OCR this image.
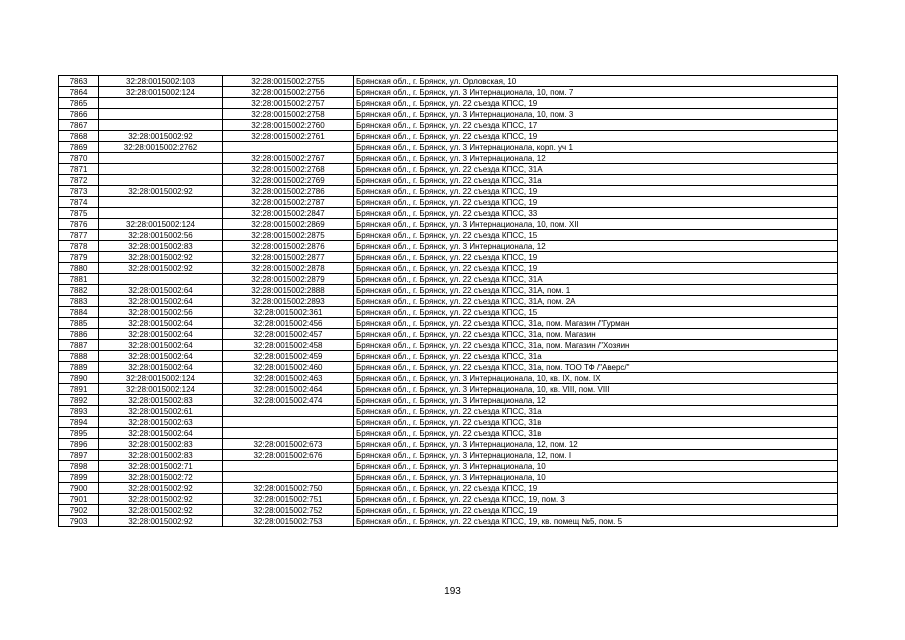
7863	32:28:0015002:103	32:28:0015002:2755	Брянская обл., г. Брянск, ул. Орловская, 10
7864	32:28:0015002:124	32:28:0015002:2756	Брянская обл., г. Брянск, ул. 3 Интернационала, 10, пом. 7
7865		32:28:0015002:2757	Брянская обл., г. Брянск, ул. 22 съезда КПСС, 19
7866		32:28:0015002:2758	Брянская обл., г. Брянск, ул. 3 Интернационала, 10, пом. 3
7867		32:28:0015002:2760	Брянская обл., г. Брянск, ул. 22 съезда КПСС, 17
7868	32:28:0015002:92	32:28:0015002:2761	Брянская обл., г. Брянск, ул. 22 съезда КПСС, 19
7869	32:28:0015002:2762		Брянская обл., г. Брянск, ул. 3 Интернационала, корп. уч 1
7870		32:28:0015002:2767	Брянская обл., г. Брянск, ул. 3 Интернационала, 12
7871		32:28:0015002:2768	Брянская обл., г. Брянск, ул. 22 съезда КПСС, 31А
7872		32:28:0015002:2769	Брянская обл., г. Брянск, ул. 22 съезда КПСС, 31а
7873	32:28:0015002:92	32:28:0015002:2786	Брянская обл., г. Брянск, ул. 22 съезда КПСС, 19
7874		32:28:0015002:2787	Брянская обл., г. Брянск, ул. 22 съезда КПСС, 19
7875		32:28:0015002:2847	Брянская обл., г. Брянск, ул. 22 съезда КПСС, 33
7876	32:28:0015002:124	32:28:0015002:2869	Брянская обл., г. Брянск, ул. 3 Интернационала, 10, пом. XII
7877	32:28:0015002:56	32:28:0015002:2875	Брянская обл., г. Брянск, ул. 22 съезда КПСС, 15
7878	32:28:0015002:83	32:28:0015002:2876	Брянская обл., г. Брянск, ул. 3 Интернационала, 12
7879	32:28:0015002:92	32:28:0015002:2877	Брянская обл., г. Брянск, ул. 22 съезда КПСС, 19
7880	32:28:0015002:92	32:28:0015002:2878	Брянская обл., г. Брянск, ул. 22 съезда КПСС, 19
7881		32:28:0015002:2879	Брянская обл., г. Брянск, ул. 22 съезда КПСС, 31А
7882	32:28:0015002:64	32:28:0015002:2888	Брянская обл., г. Брянск, ул. 22 съезда КПСС, 31А, пом. 1
7883	32:28:0015002:64	32:28:0015002:2893	Брянская обл., г. Брянск, ул. 22 съезда КПСС, 31А, пом. 2А
7884	32:28:0015002:56	32:28:0015002:361	Брянская обл., г. Брянск, ул. 22 съезда КПСС, 15
7885	32:28:0015002:64	32:28:0015002:456	Брянская обл., г. Брянск, ул. 22 съезда КПСС, 31а, пом. Магазин /"Гурман
7886	32:28:0015002:64	32:28:0015002:457	Брянская обл., г. Брянск, ул. 22 съезда КПСС, 31а, пом. Магазин
7887	32:28:0015002:64	32:28:0015002:458	Брянская обл., г. Брянск, ул. 22 съезда КПСС, 31а, пом. Магазин /"Хозяин
7888	32:28:0015002:64	32:28:0015002:459	Брянская обл., г. Брянск, ул. 22 съезда КПСС, 31а
7889	32:28:0015002:64	32:28:0015002:460	Брянская обл., г. Брянск, ул. 22 съезда КПСС, 31а, пом. ТОО ТФ /"Аверс/"
7890	32:28:0015002:124	32:28:0015002:463	Брянская обл., г. Брянск, ул. 3 Интернационала, 10, кв. IX, пом. IX
7891	32:28:0015002:124	32:28:0015002:464	Брянская обл., г. Брянск, ул. 3 Интернационала, 10, кв. VIII, пом. VIII
7892	32:28:0015002:83	32:28:0015002:474	Брянская обл., г. Брянск, ул. 3 Интернационала, 12
7893	32:28:0015002:61		Брянская обл., г. Брянск, ул. 22 съезда КПСС, 31а
7894	32:28:0015002:63		Брянская обл., г. Брянск, ул. 22 съезда КПСС, 31в
7895	32:28:0015002:64		Брянская обл., г. Брянск, ул. 22 съезда КПСС, 31в
7896	32:28:0015002:83	32:28:0015002:673	Брянская обл., г. Брянск, ул. 3 Интернационала, 12, пом. 12
7897	32:28:0015002:83	32:28:0015002:676	Брянская обл., г. Брянск, ул. 3 Интернационала, 12, пом. I
7898	32:28:0015002:71		Брянская обл., г. Брянск, ул. 3 Интернационала, 10
7899	32:28:0015002:72		Брянская обл., г. Брянск, ул. 3 Интернационала, 10
7900	32:28:0015002:92	32:28:0015002:750	Брянская обл., г. Брянск, ул. 22 съезда КПСС, 19
7901	32:28:0015002:92	32:28:0015002:751	Брянская обл., г. Брянск, ул. 22 съезда КПСС, 19, пом. 3
7902	32:28:0015002:92	32:28:0015002:752	Брянская обл., г. Брянск, ул. 22 съезда КПСС, 19
7903	32:28:0015002:92	32:28:0015002:753	Брянская обл., г. Брянск, ул. 22 съезда КПСС, 19, кв. помещ №5, пом. 5
193
